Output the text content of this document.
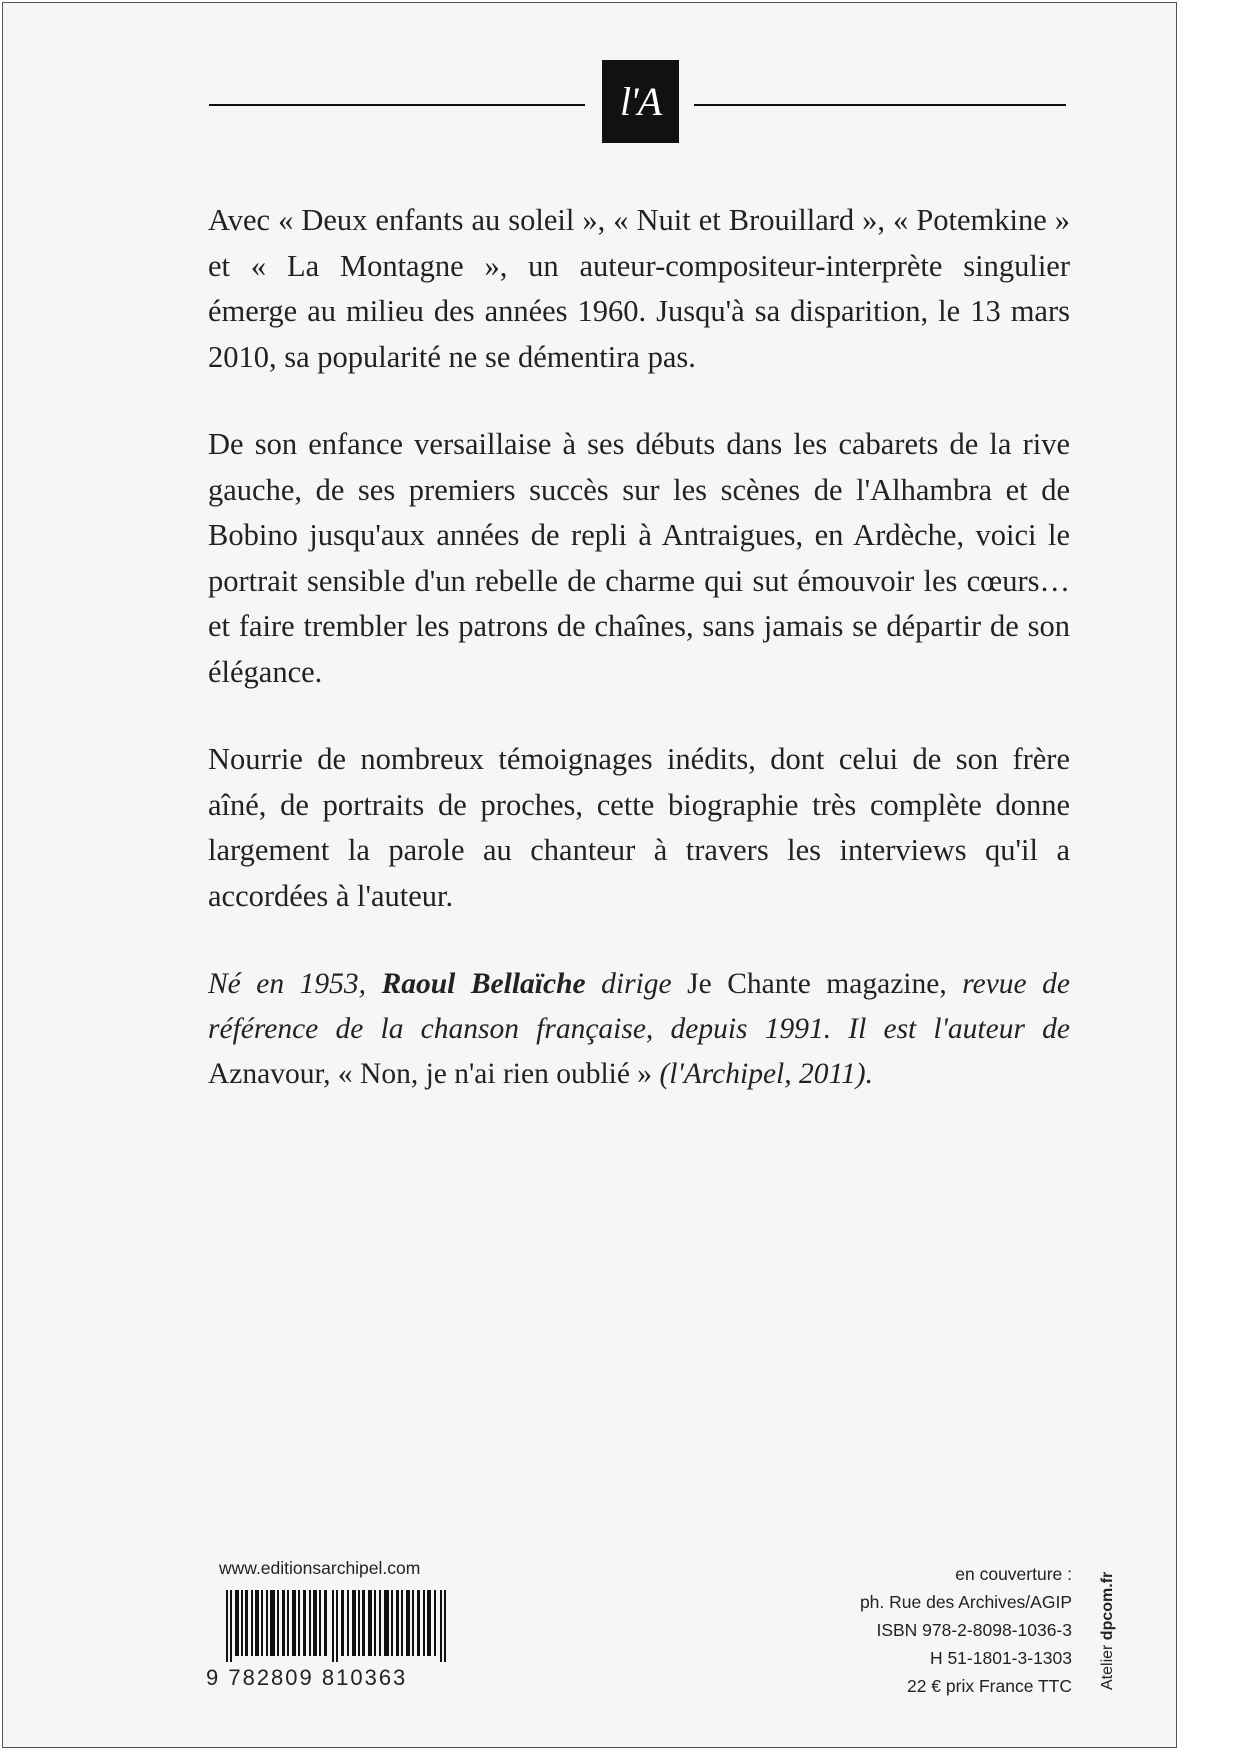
l'A

Avec « Deux enfants au soleil », « Nuit et Brouillard », « Potemkine » et « La Montagne », un auteur-compositeur-interprète singulier émerge au milieu des années 1960. Jusqu'à sa disparition, le 13 mars 2010, sa popularité ne se démentira pas.

De son enfance versaillaise à ses débuts dans les cabarets de la rive gauche, de ses premiers succès sur les scènes de l'Alhambra et de Bobino jusqu'aux années de repli à Antraigues, en Ardèche, voici le portrait sensible d'un rebelle de charme qui sut émouvoir les cœurs… et faire trembler les patrons de chaînes, sans jamais se départir de son élégance.

Nourrie de nombreux témoignages inédits, dont celui de son frère aîné, de portraits de proches, cette biographie très complète donne largement la parole au chanteur à travers les interviews qu'il a accordées à l'auteur.

Né en 1953, Raoul Bellaïche dirige Je Chante magazine, revue de référence de la chanson française, depuis 1991. Il est l'auteur de Aznavour, « Non, je n'ai rien oublié » (l'Archipel, 2011).
www.editionsarchipel.com
9 782809 810363
en couverture :
ph. Rue des Archives/AGIP
ISBN 978-2-8098-1036-3
H 51-1801-3-1303
22 € prix France TTC Atelier dpcom.fr
